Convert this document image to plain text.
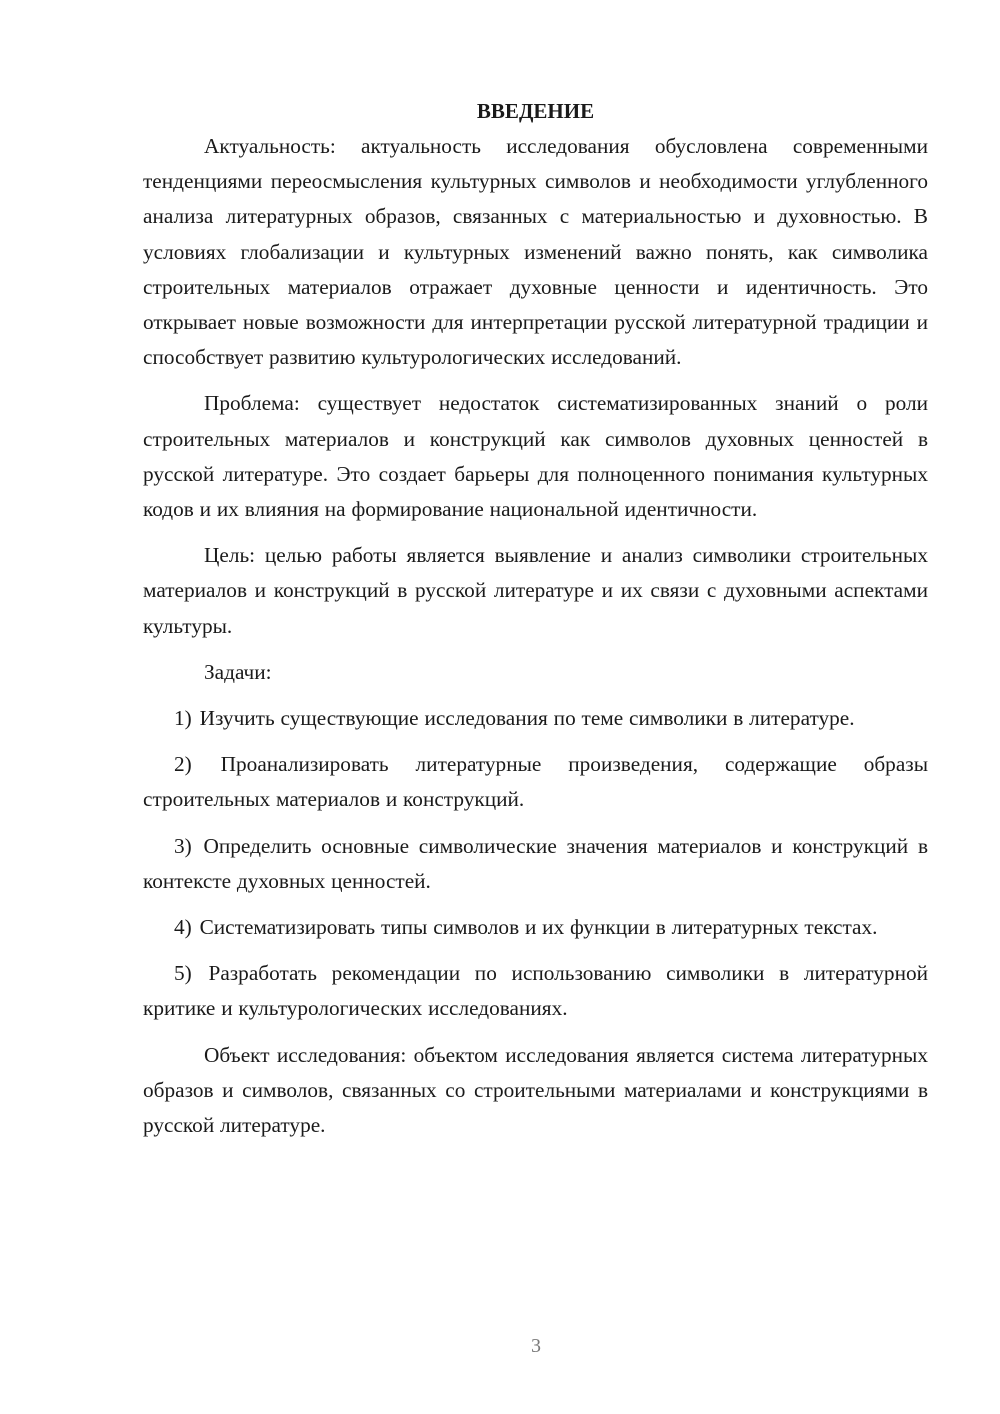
ВВЕДЕНИЕ

Актуальность: актуальность исследования обусловлена современными тенденциями переосмысления культурных символов и необходимости углубленного анализа литературных образов, связанных с материальностью и духовностью. В условиях глобализации и культурных изменений важно понять, как символика строительных материалов отражает духовные ценности и идентичность. Это открывает новые возможности для интерпретации русской литературной традиции и способствует развитию культурологических исследований.

Проблема: существует недостаток систематизированных знаний о роли строительных материалов и конструкций как символов духовных ценностей в русской литературе. Это создает барьеры для полноценного понимания культурных кодов и их влияния на формирование национальной идентичности.

Цель: целью работы является выявление и анализ символики строительных материалов и конструкций в русской литературе и их связи с духовными аспектами культуры.

Задачи:

1) Изучить существующие исследования по теме символики в литературе.

2) Проанализировать литературные произведения, содержащие образы строительных материалов и конструкций.

3) Определить основные символические значения материалов и конструкций в контексте духовных ценностей.

4) Систематизировать типы символов и их функции в литературных текстах.

5) Разработать рекомендации по использованию символики в литературной критике и культурологических исследованиях.

Объект исследования: объектом исследования является система литературных образов и символов, связанных со строительными материалами и конструкциями в русской литературе.

3
